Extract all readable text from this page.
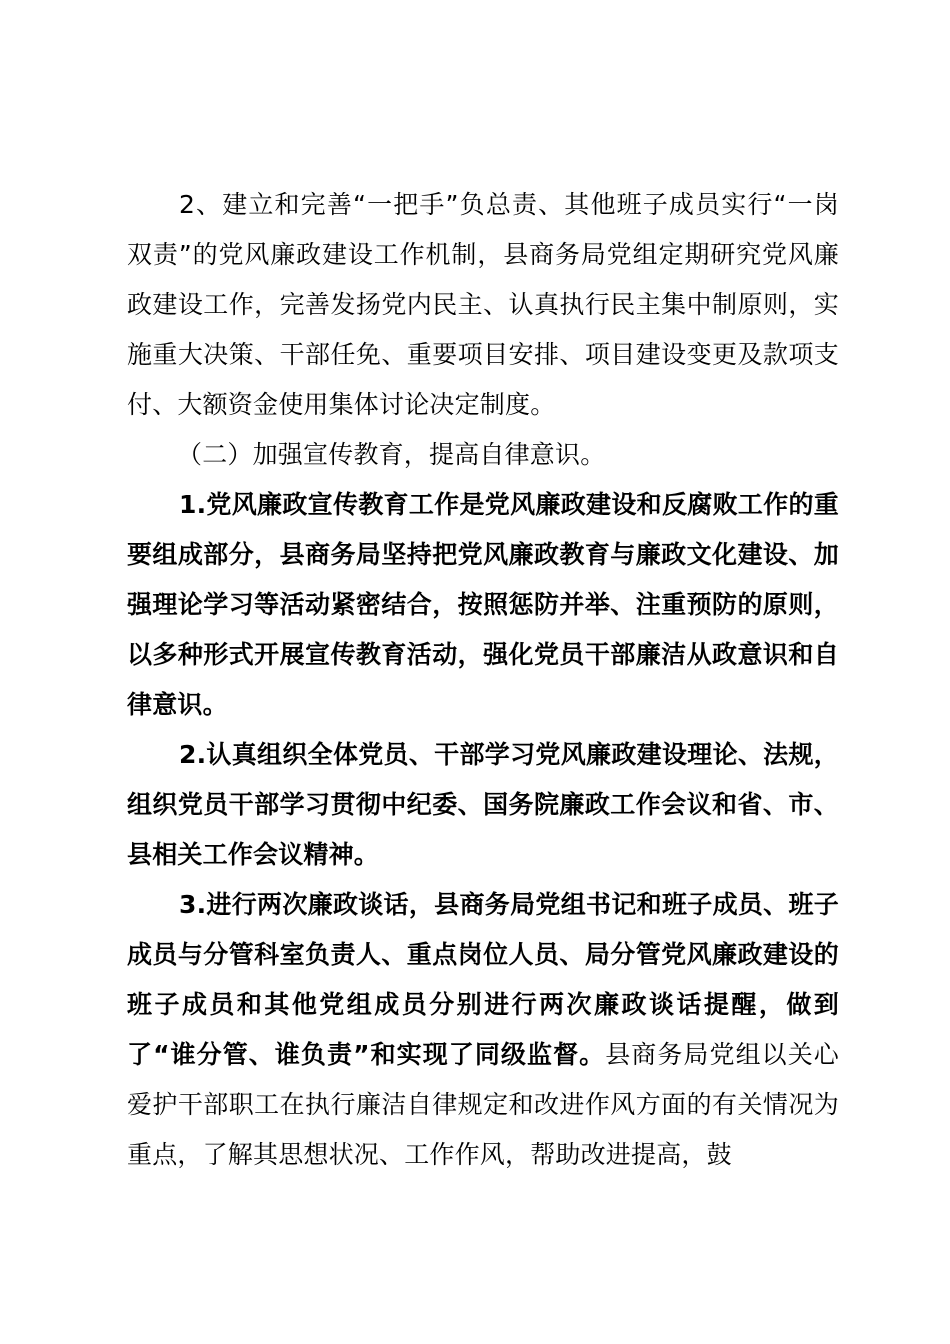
2、建立和完善“一把手”负总责、其他班子成员实行“一岗双责”的党风廉政建设工作机制，县商务局党组定期研究党风廉政建设工作，完善发扬党内民主、认真执行民主集中制原则，实施重大决策、干部任免、重要项目安排、项目建设变更及款项支付、大额资金使用集体讨论决定制度。

（二）加强宣传教育，提高自律意识。

1.党风廉政宣传教育工作是党风廉政建设和反腐败工作的重要组成部分，县商务局坚持把党风廉政教育与廉政文化建设、加强理论学习等活动紧密结合，按照惩防并举、注重预防的原则，以多种形式开展宣传教育活动，强化党员干部廉洁从政意识和自律意识。

2.认真组织全体党员、干部学习党风廉政建设理论、法规，组织党员干部学习贯彻中纪委、国务院廉政工作会议和省、市、县相关工作会议精神。

3.进行两次廉政谈话，县商务局党组书记和班子成员、班子成员与分管科室负责人、重点岗位人员、局分管党风廉政建设的班子成员和其他党组成员分别进行两次廉政谈话提醒，做到了“谁分管、谁负责”和实现了同级监督。县商务局党组以关心爱护干部职工在执行廉洁自律规定和改进作风方面的有关情况为重点，了解其思想状况、工作作风，帮助改进提高，鼓
